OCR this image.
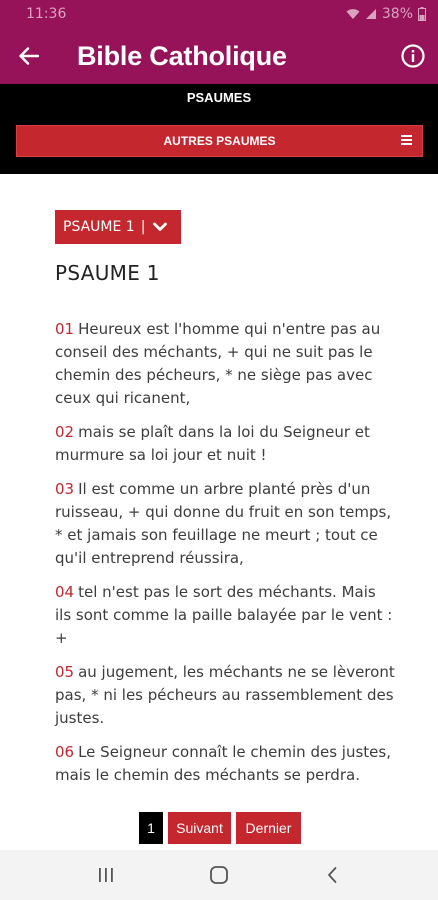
11:36	38%
Bible Catholique
PSAUMES
AUTRES PSAUMES
PSAUME 1 |
PSAUME 1

01 Heureux est l'homme qui n'entre pas au conseil des méchants, + qui ne suit pas le chemin des pécheurs, * ne siège pas avec ceux qui ricanent,

02 mais se plaît dans la loi du Seigneur et murmure sa loi jour et nuit !

03 Il est comme un arbre planté près d'un ruisseau, + qui donne du fruit en son temps, * et jamais son feuillage ne meurt ; tout ce qu'il entreprend réussira,

04 tel n'est pas le sort des méchants. Mais ils sont comme la paille balayée par le vent : +

05 au jugement, les méchants ne se lèveront pas, * ni les pécheurs au rassemblement des justes.

06 Le Seigneur connaît le chemin des justes, mais le chemin des méchants se perdra.

1	Suivant	Dernier
